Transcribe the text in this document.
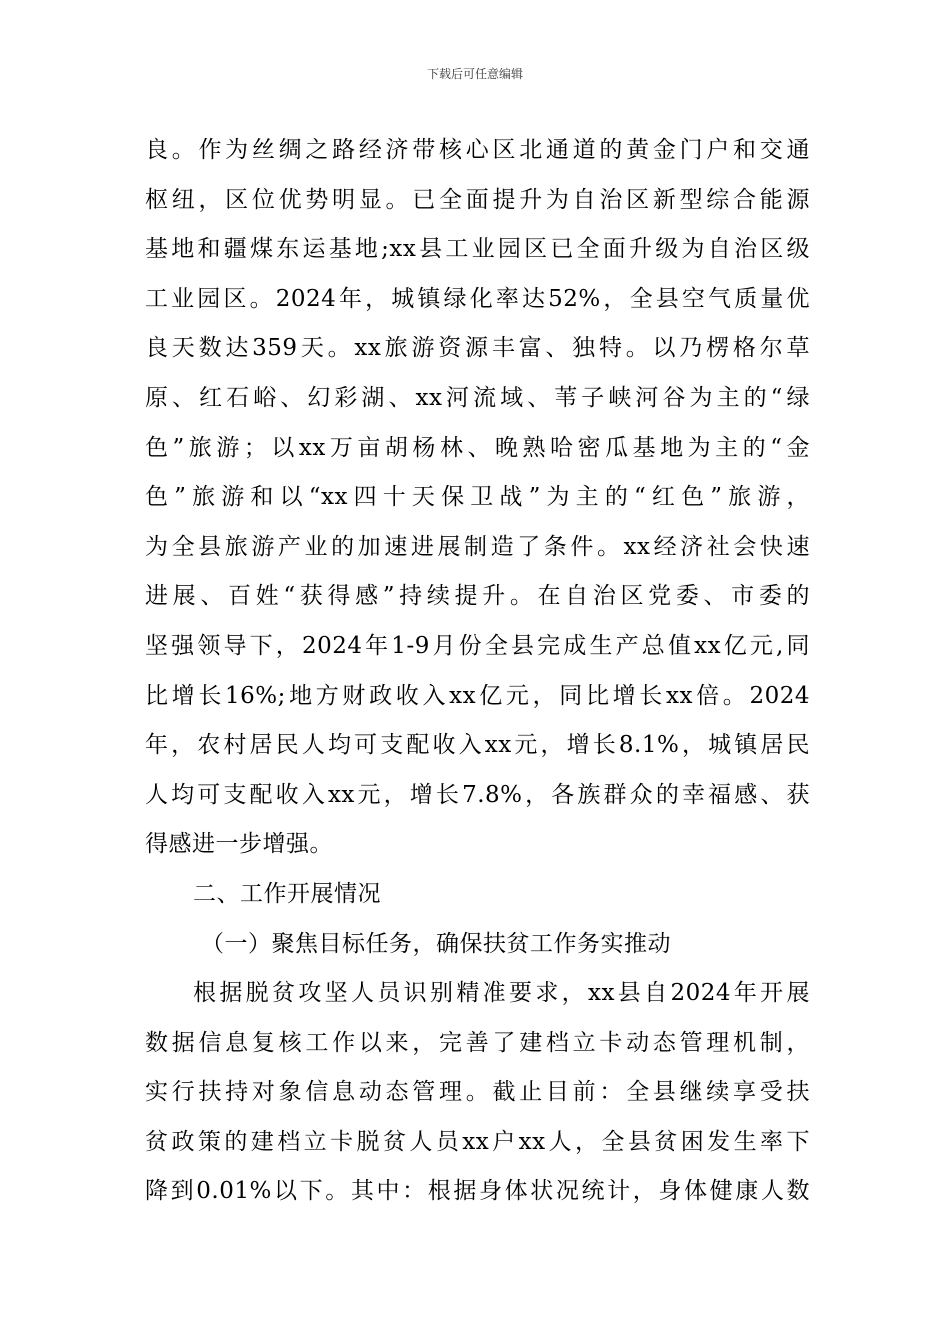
下载后可任意编辑
良。作为丝绸之路经济带核心区北通道的黄金门户和交通
枢纽，区位优势明显。已全面提升为自治区新型综合能源
基地和疆煤东运基地;xx县工业园区已全面升级为自治区级
工业园区。2024年，城镇绿化率达52%，全县空气质量优
良天数达359天。xx旅游资源丰富、独特。以乃楞格尔草
原、红石峪、幻彩湖、xx河流域、苇子峡河谷为主的“绿
色”旅游；以xx万亩胡杨林、晚熟哈密瓜基地为主的“金
色”旅游和以“xx四十天保卫战”为主的“红色”旅游，
为全县旅游产业的加速进展制造了条件。xx经济社会快速
进展、百姓“获得感”持续提升。在自治区党委、市委的
坚强领导下，2024年1-9月份全县完成生产总值xx亿元,同
比增长16%;地方财政收入xx亿元，同比增长xx倍。2024
年，农村居民人均可支配收入xx元，增长8.1%，城镇居民
人均可支配收入xx元，增长7.8%，各族群众的幸福感、获
得感进一步增强。
二、工作开展情况
（一）聚焦目标任务，确保扶贫工作务实推动
根据脱贫攻坚人员识别精准要求，xx县自2024年开展
数据信息复核工作以来，完善了建档立卡动态管理机制，
实行扶持对象信息动态管理。截止目前：全县继续享受扶
贫政策的建档立卡脱贫人员xx户xx人，全县贫困发生率下
降到0.01%以下。其中：根据身体状况统计，身体健康人数
